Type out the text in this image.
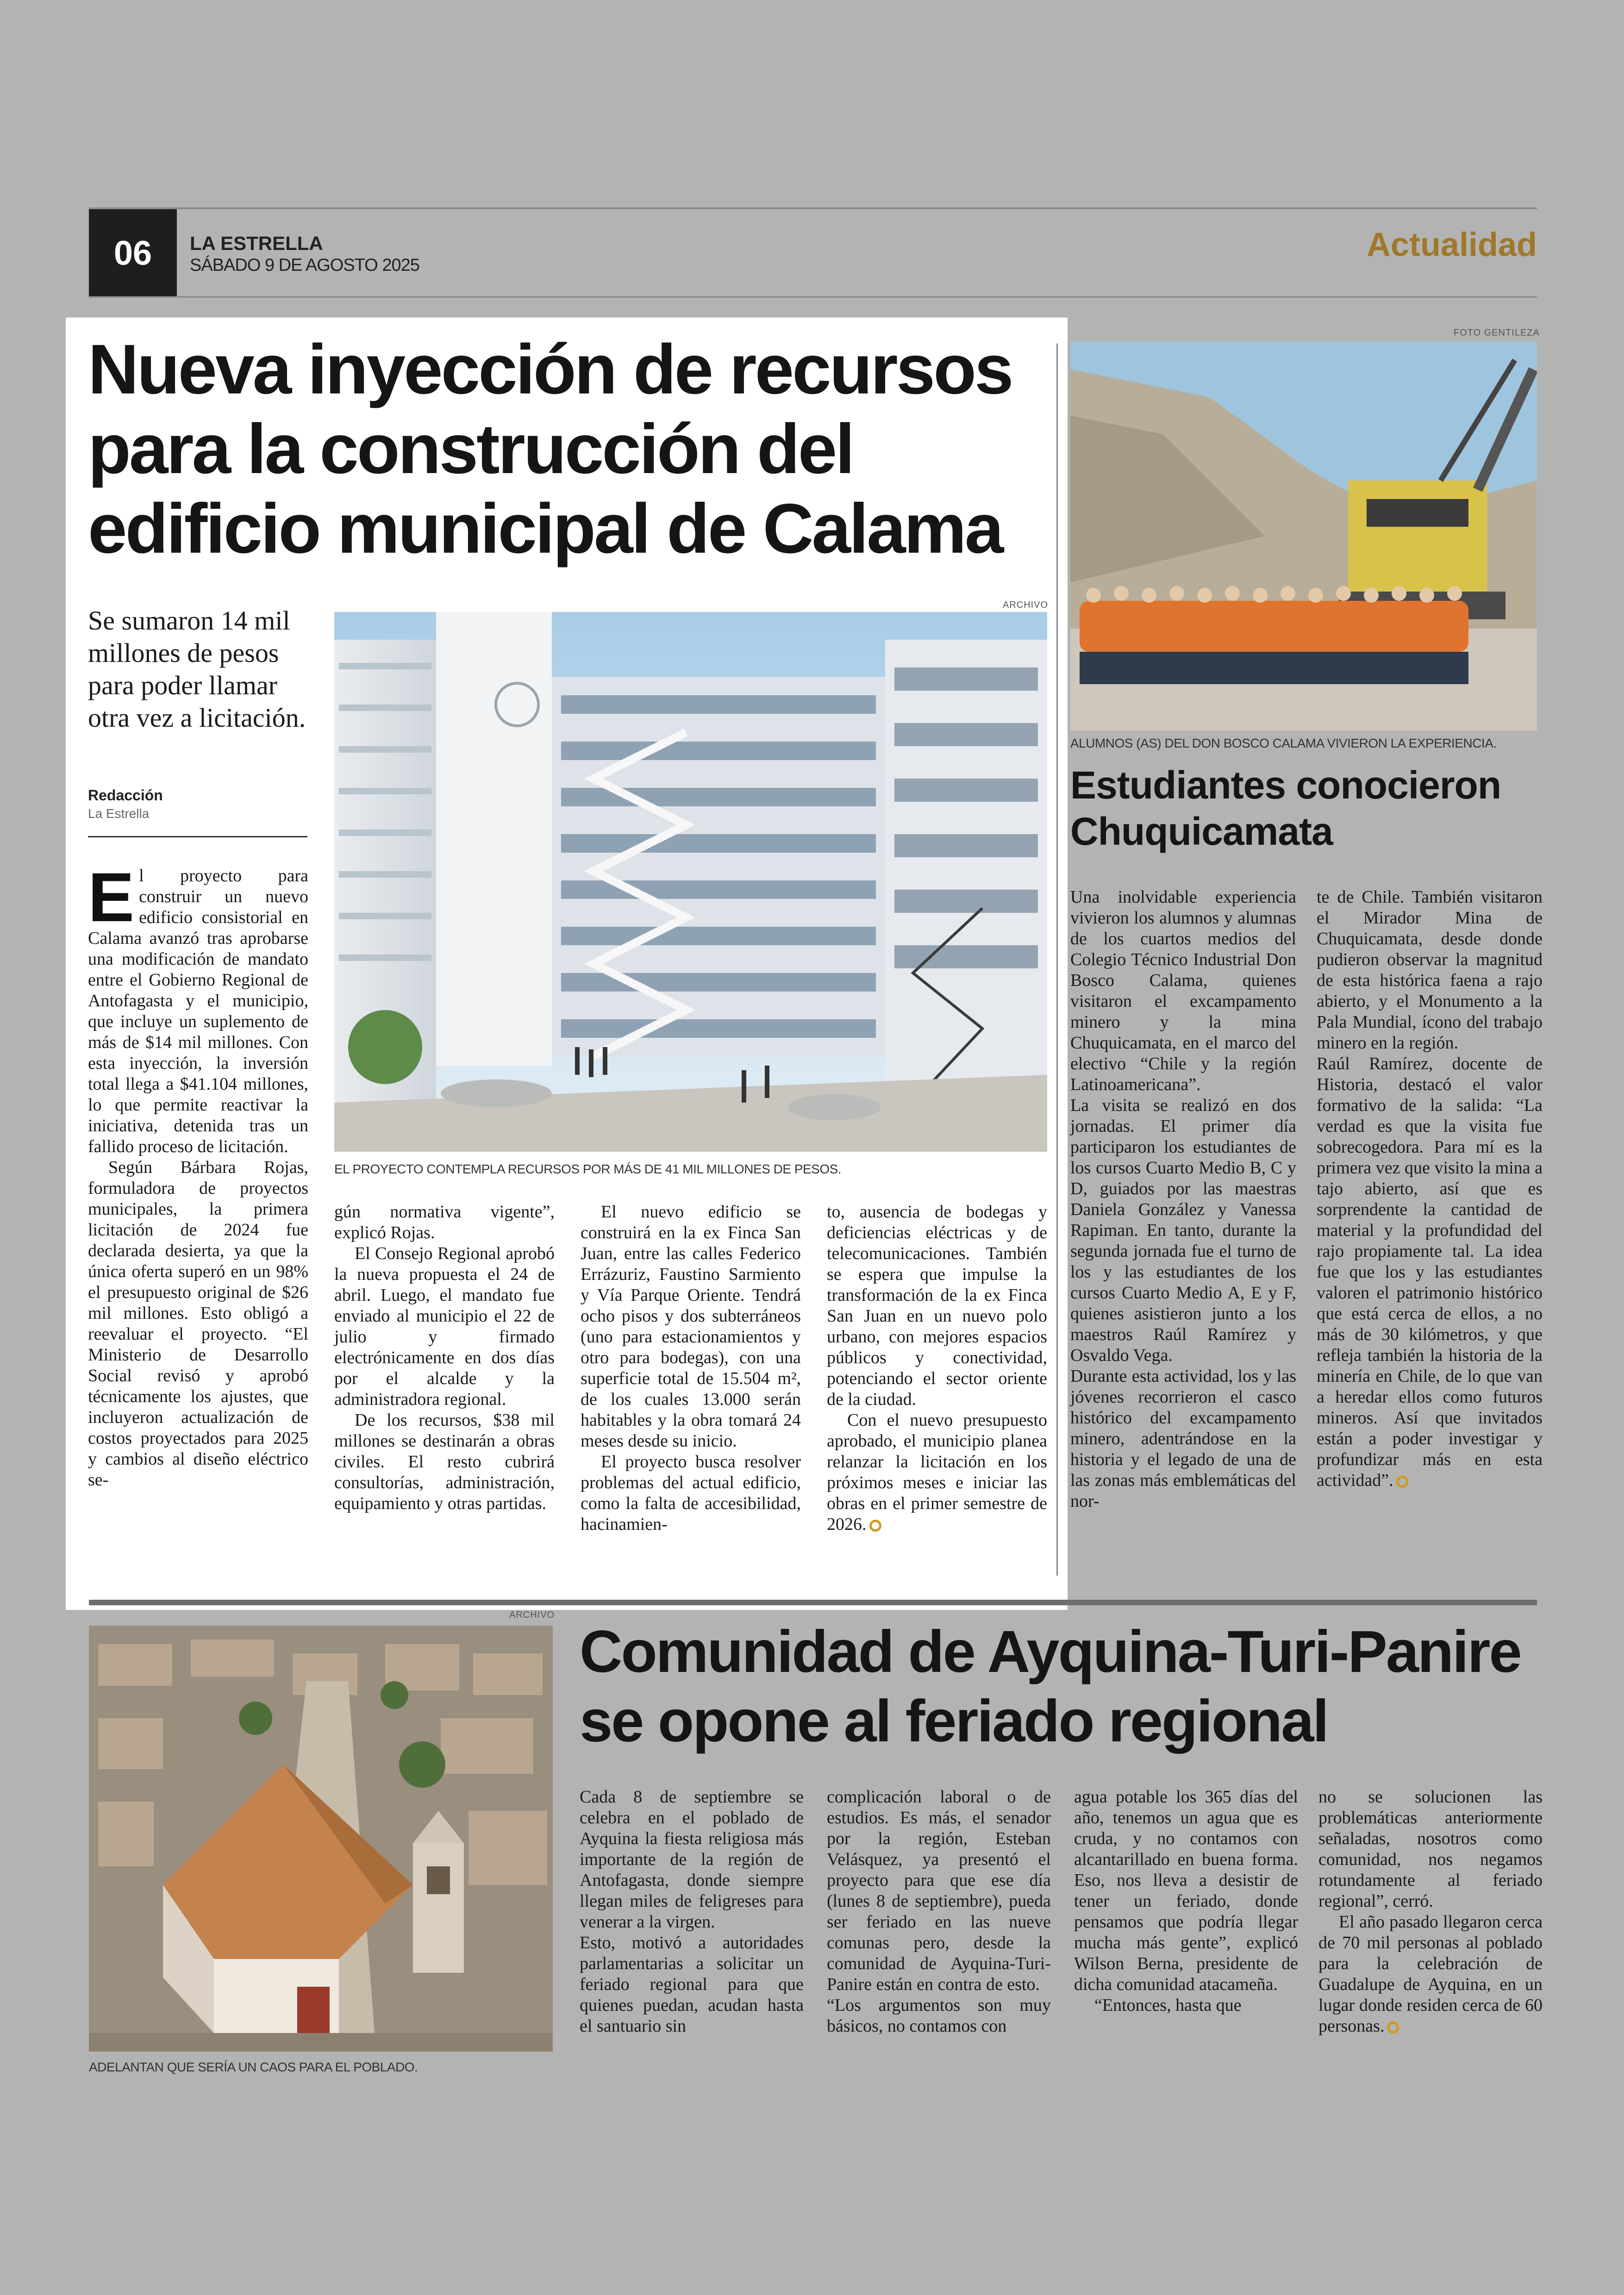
06	LA ESTRELLA
SÁBADO 9 DE AGOSTO 2025
Actualidad
Nueva inyección de recursos para la construcción del edificio municipal de Calama
Se sumaron 14 mil millones de pesos para poder llamar otra vez a licitación.
Redacción
La Estrella
ARCHIVO
EL PROYECTO CONTEMPLA RECURSOS POR MÁS DE 41 MIL MILLONES DE PESOS.

El proyecto para construir un nuevo edificio consistorial en Calama avanzó tras aprobarse una modificación de mandato entre el Gobierno Regional de Antofagasta y el municipio, que incluye un suplemento de más de $14 mil millones. Con esta inyección, la inversión total llega a $41.104 millones, lo que permite reactivar la iniciativa, detenida tras un fallido proceso de licitación.

Según Bárbara Rojas, formuladora de proyectos municipales, la primera licitación de 2024 fue declarada desierta, ya que la única oferta superó en un 98% el presupuesto original de $26 mil millones. Esto obligó a reevaluar el proyecto. “El Ministerio de Desarrollo Social revisó y aprobó técnicamente los ajustes, que incluyeron actualización de costos proyectados para 2025 y cambios al diseño eléctrico se-

gún normativa vigente”, explicó Rojas.

El Consejo Regional aprobó la nueva propuesta el 24 de abril. Luego, el mandato fue enviado al municipio el 22 de julio y firmado electrónicamente en dos días por el alcalde y la administradora regional.

De los recursos, $38 mil millones se destinarán a obras civiles. El resto cubrirá consultorías, administración, equipamiento y otras partidas.

El nuevo edificio se construirá en la ex Finca San Juan, entre las calles Federico Errázuriz, Faustino Sarmiento y Vía Parque Oriente. Tendrá ocho pisos y dos subterráneos (uno para estacionamientos y otro para bodegas), con una superficie total de 15.504 m², de los cuales 13.000 serán habitables y la obra tomará 24 meses desde su inicio.

El proyecto busca resolver problemas del actual edificio, como la falta de accesibilidad, hacinamien-

to, ausencia de bodegas y deficiencias eléctricas y de telecomunicaciones. También se espera que impulse la transformación de la ex Finca San Juan en un nuevo polo urbano, con mejores espacios públicos y conectividad, potenciando el sector oriente de la ciudad.

Con el nuevo presupuesto aprobado, el municipio planea relanzar la licitación en los próximos meses e iniciar las obras en el primer semestre de 2026.

FOTO GENTILEZA
ALUMNOS (AS) DEL DON BOSCO CALAMA VIVIERON LA EXPERIENCIA.
Estudiantes conocieron Chuquicamata

Una inolvidable experiencia vivieron los alumnos y alumnas de los cuartos medios del Colegio Técnico Industrial Don Bosco Calama, quienes visitaron el excampamento minero y la mina Chuquicamata, en el marco del electivo “Chile y la región Latinoamericana”.

La visita se realizó en dos jornadas. El primer día participaron los estudiantes de los cursos Cuarto Medio B, C y D, guiados por las maestras Daniela González y Vanessa Rapiman. En tanto, durante la segunda jornada fue el turno de los y las estudiantes de los cursos Cuarto Medio A, E y F, quienes asistieron junto a los maestros Raúl Ramírez y Osvaldo Vega.

Durante esta actividad, los y las jóvenes recorrieron el casco histórico del excampamento minero, adentrándose en la historia y el legado de una de las zonas más emblemáticas del nor-

te de Chile. También visitaron el Mirador Mina de Chuquicamata, desde donde pudieron observar la magnitud de esta histórica faena a rajo abierto, y el Monumento a la Pala Mundial, ícono del trabajo minero en la región.

Raúl Ramírez, docente de Historia, destacó el valor formativo de la salida: “La verdad es que la visita fue sobrecogedora. Para mí es la primera vez que visito la mina a tajo abierto, así que es sorprendente la cantidad de material y la profundidad del rajo propiamente tal. La idea fue que los y las estudiantes valoren el patrimonio histórico que está cerca de ellos, a no más de 30 kilómetros, y que refleja también la historia de la minería en Chile, de lo que van a heredar ellos como futuros mineros. Así que invitados están a poder investigar y profundizar más en esta actividad”.

ARCHIVO
ADELANTAN QUE SERÍA UN CAOS PARA EL POBLADO.
Comunidad de Ayquina-Turi-Panire se opone al feriado regional

Cada 8 de septiembre se celebra en el poblado de Ayquina la fiesta religiosa más importante de la región de Antofagasta, donde siempre llegan miles de feligreses para venerar a la virgen.

Esto, motivó a autoridades parlamentarias a solicitar un feriado regional para que quienes puedan, acudan hasta el santuario sin

complicación laboral o de estudios. Es más, el senador por la región, Esteban Velásquez, ya presentó el proyecto para que ese día (lunes 8 de septiembre), pueda ser feriado en las nueve comunas pero, desde la comunidad de Ayquina-Turi-Panire están en contra de esto.

“Los argumentos son muy básicos, no contamos con

agua potable los 365 días del año, tenemos un agua que es cruda, y no contamos con alcantarillado en buena forma. Eso, nos lleva a desistir de tener un feriado, donde pensamos que podría llegar mucha más gente”, explicó Wilson Berna, presidente de dicha comunidad atacameña.

“Entonces, hasta que

no se solucionen las problemáticas anteriormente señaladas, nosotros como comunidad, nos negamos rotundamente al feriado regional”, cerró.

El año pasado llegaron cerca de 70 mil personas al poblado para la celebración de Guadalupe de Ayquina, en un lugar donde residen cerca de 60 personas.
